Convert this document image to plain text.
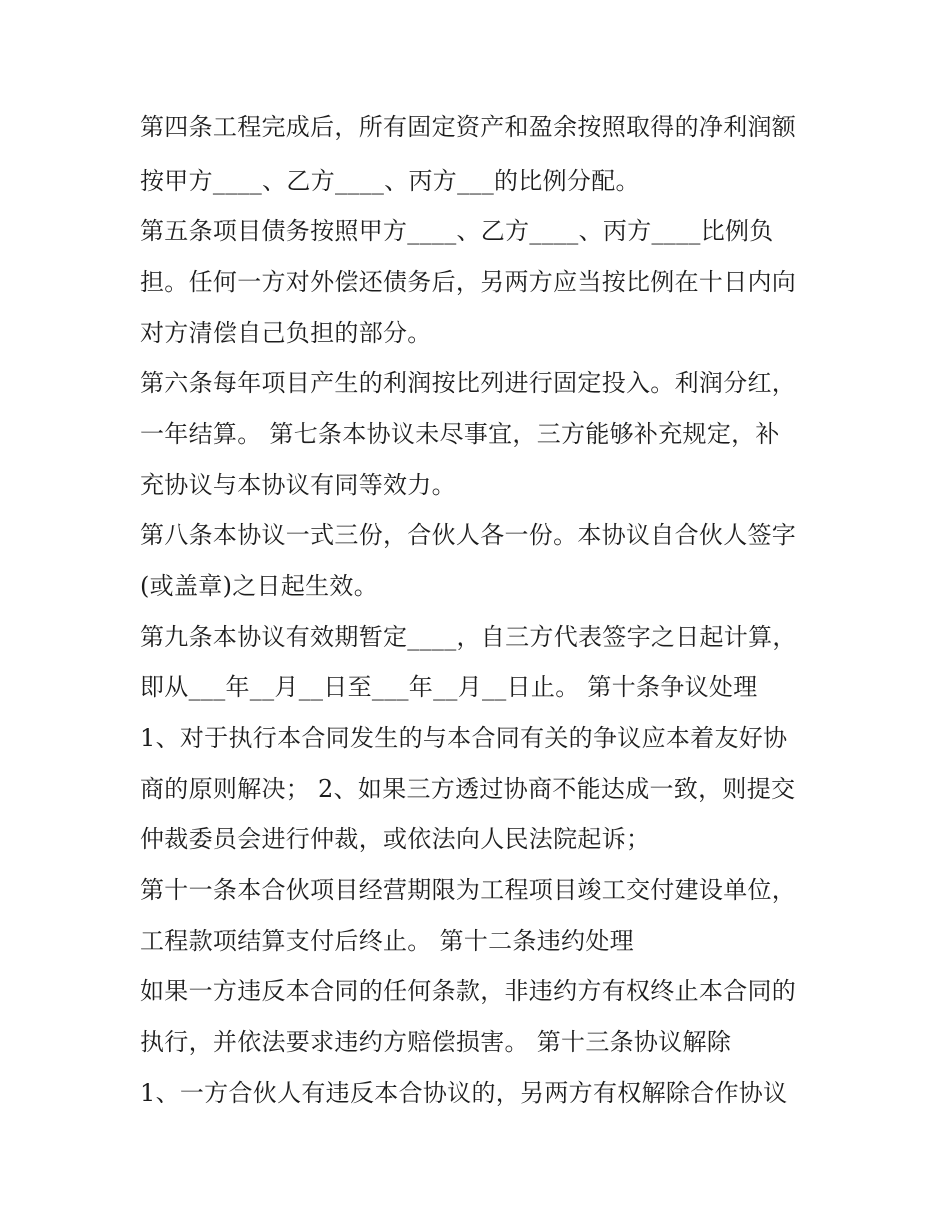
第四条工程完成后，所有固定资产和盈余按照取得的净利润额
按甲方____、乙方____、丙方___的比例分配。
第五条项目债务按照甲方____、乙方____、丙方____比例负
担。任何一方对外偿还债务后，另两方应当按比例在十日内向
对方清偿自己负担的部分。
第六条每年项目产生的利润按比列进行固定投入。利润分红，
一年结算。 第七条本协议未尽事宜，三方能够补充规定，补
充协议与本协议有同等效力。
第八条本协议一式三份，合伙人各一份。本协议自合伙人签字
(或盖章)之日起生效。
第九条本协议有效期暂定____，自三方代表签字之日起计算，
即从___年__月__日至___年__月__日止。 第十条争议处理
1、对于执行本合同发生的与本合同有关的争议应本着友好协
商的原则解决； 2、如果三方透过协商不能达成一致，则提交
仲裁委员会进行仲裁，或依法向人民法院起诉；
第十一条本合伙项目经营期限为工程项目竣工交付建设单位，
工程款项结算支付后终止。 第十二条违约处理
如果一方违反本合同的任何条款，非违约方有权终止本合同的
执行，并依法要求违约方赔偿损害。 第十三条协议解除
1、一方合伙人有违反本合协议的，另两方有权解除合作协议
